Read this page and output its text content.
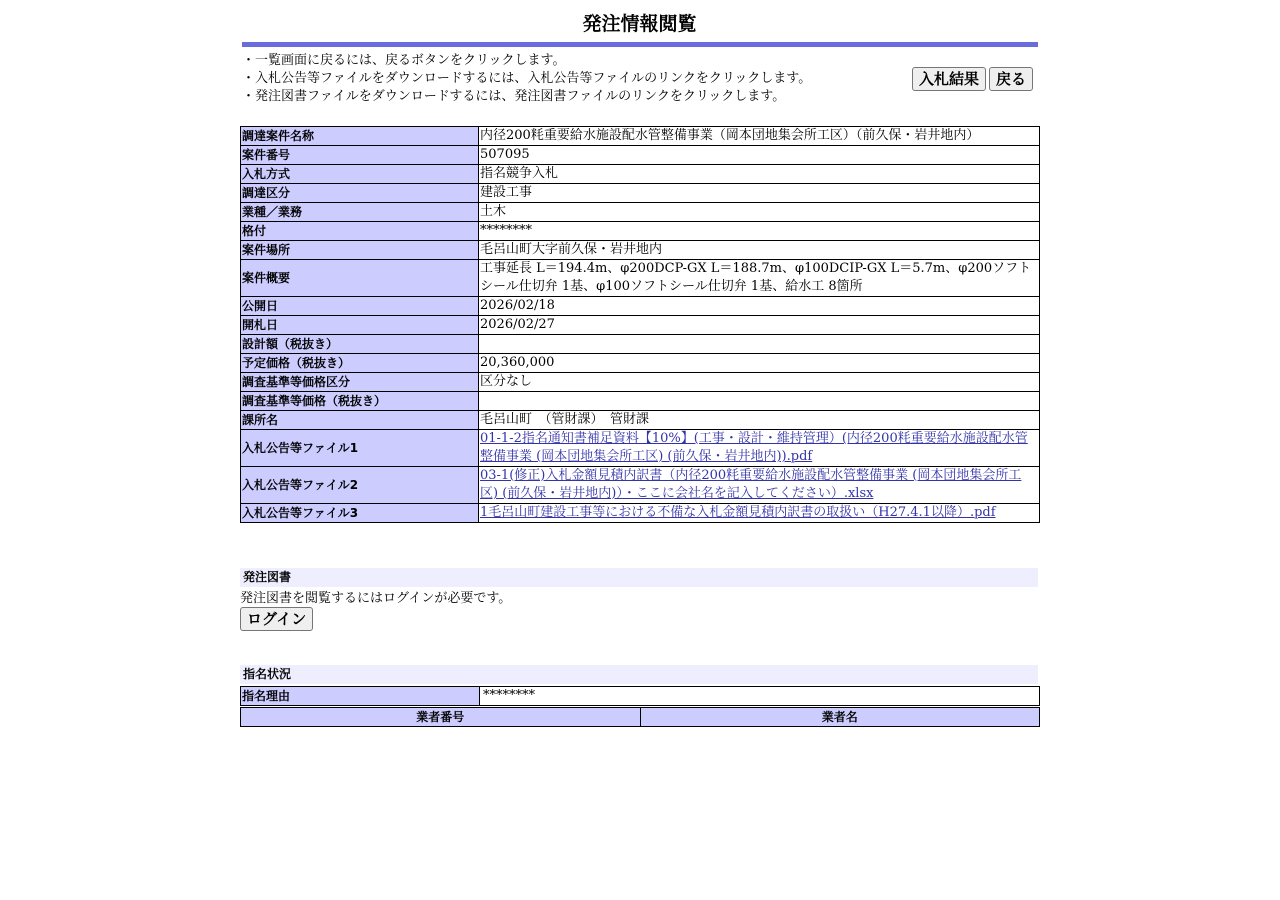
発注情報閲覧
・一覧画面に戻るには、戻るボタンをクリックします。
・入札公告等ファイルをダウンロードするには、入札公告等ファイルのリンクをクリックします。
・発注図書ファイルをダウンロードするには、発注図書ファイルのリンクをクリックします。
入札結果 戻る
調達案件名称	内径200粍重要給水施設配水管整備事業（岡本団地集会所工区）（前久保・岩井地内）
案件番号	507095
入札方式	指名競争入札
調達区分	建設工事
業種／業務	土木
格付	********
案件場所	毛呂山町大字前久保・岩井地内
案件概要	工事延長 L＝194.4m、φ200DCP-GX L＝188.7m、φ100DCIP-GX L＝5.7m、φ200ソフトシール仕切弁 1基、φ100ソフトシール仕切弁 1基、給水工 8箇所
公開日	2026/02/18
開札日	2026/02/27
設計額（税抜き）	
予定価格（税抜き）	20,360,000
調査基準等価格区分	区分なし
調査基準等価格（税抜き）	
課所名	毛呂山町　（管財課）　管財課
入札公告等ファイル1	01-1-2指名通知書補足資料【10%】(工事・設計・維持管理）(内径200粍重要給水施設配水管整備事業 (岡本団地集会所工区) (前久保・岩井地内)).pdf
入札公告等ファイル2	03-1(修正)入札金額見積内訳書（内径200粍重要給水施設配水管整備事業 (岡本団地集会所工区) (前久保・岩井地内)）・ここに会社名を記入してください）.xlsx
入札公告等ファイル3	1毛呂山町建設工事等における不備な入札金額見積内訳書の取扱い（H27.4.1以降）.pdf
発注図書
発注図書を閲覧するにはログインが必要です。
ログイン
指名状況
指名理由	********
業者番号	業者名
